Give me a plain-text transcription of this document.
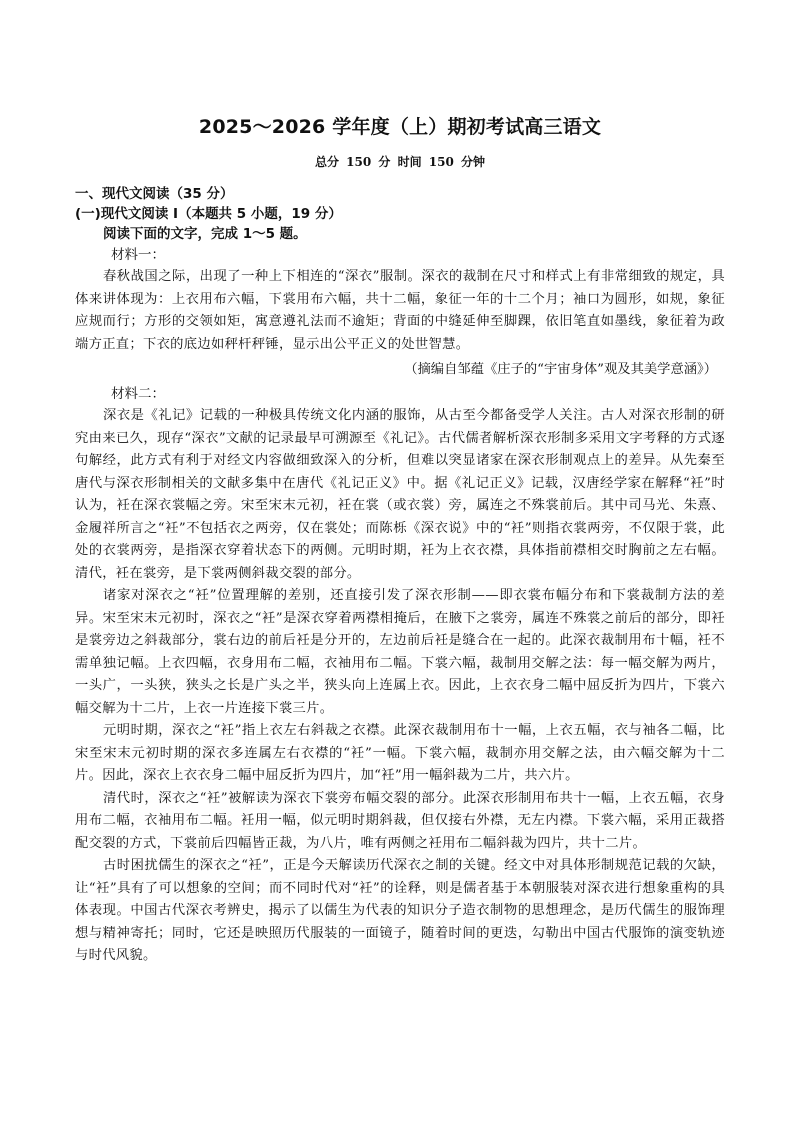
2025～2026 学年度（上）期初考试高三语文

总分 150 分 时间 150 分钟

一、现代文阅读（35 分）

(一)现代文阅读 I（本题共 5 小题，19 分）

阅读下面的文字，完成 1～5 题。

材料一：

春秋战国之际，出现了一种上下相连的“深衣”服制。深衣的裁制在尺寸和样式上有非常细致的规定，具体来讲体现为：上衣用布六幅，下裳用布六幅，共十二幅，象征一年的十二个月；袖口为圆形，如规，象征应规而行；方形的交领如矩，寓意遵礼法而不逾矩；背面的中缝延伸至脚踝，依旧笔直如墨线，象征着为政端方正直；下衣的底边如秤杆秤锤，显示出公平正义的处世智慧。

（摘编自邹蕴《庄子的“宇宙身体”观及其美学意涵》）

材料二：

深衣是《礼记》记载的一种极具传统文化内涵的服饰，从古至今都备受学人关注。古人对深衣形制的研究由来已久，现存“深衣”文献的记录最早可溯源至《礼记》。古代儒者解析深衣形制多采用文字考释的方式逐句解经，此方式有利于对经文内容做细致深入的分析，但难以突显诸家在深衣形制观点上的差异。从先秦至唐代与深衣形制相关的文献多集中在唐代《礼记正义》中。据《礼记正义》记载，汉唐经学家在解释“衽”时认为，衽在深衣裳幅之旁。宋至宋末元初，衽在裳（或衣裳）旁，属连之不殊裳前后。其中司马光、朱熹、金履祥所言之“衽”不包括衣之两旁，仅在裳处；而陈栎《深衣说》中的“衽”则指衣裳两旁，不仅限于裳，此处的衣裳两旁，是指深衣穿着状态下的两侧。元明时期，衽为上衣衣襟，具体指前襟相交时胸前之左右幅。清代，衽在裳旁，是下裳两侧斜裁交裂的部分。

诸家对深衣之“衽”位置理解的差别，还直接引发了深衣形制——即衣裳布幅分布和下裳裁制方法的差异。宋至宋末元初时，深衣之“衽”是深衣穿着两襟相掩后，在腋下之裳旁，属连不殊裳之前后的部分，即衽是裳旁边之斜裁部分，裳右边的前后衽是分开的，左边前后衽是缝合在一起的。此深衣裁制用布十幅，衽不需单独记幅。上衣四幅，衣身用布二幅，衣袖用布二幅。下裳六幅，裁制用交解之法：每一幅交解为两片，一头广，一头狭，狭头之长是广头之半，狭头向上连属上衣。因此，上衣衣身二幅中屈反折为四片，下裳六幅交解为十二片，上衣一片连接下裳三片。

元明时期，深衣之“衽”指上衣左右斜裁之衣襟。此深衣裁制用布十一幅，上衣五幅，衣与袖各二幅，比宋至宋末元初时期的深衣多连属左右衣襟的“衽”一幅。下裳六幅，裁制亦用交解之法，由六幅交解为十二片。因此，深衣上衣衣身二幅中屈反折为四片，加“衽”用一幅斜裁为二片，共六片。

清代时，深衣之“衽”被解读为深衣下裳旁布幅交裂的部分。此深衣形制用布共十一幅，上衣五幅，衣身用布二幅，衣袖用布二幅。衽用一幅，似元明时期斜裁，但仅接右外襟，无左内襟。下裳六幅，采用正裁搭配交裂的方式，下裳前后四幅皆正裁，为八片，唯有两侧之衽用布二幅斜裁为四片，共十二片。

古时困扰儒生的深衣之“衽”，正是今天解读历代深衣之制的关键。经文中对具体形制规范记载的欠缺，让“衽”具有了可以想象的空间；而不同时代对“衽”的诠释，则是儒者基于本朝服装对深衣进行想象重构的具体表现。中国古代深衣考辨史，揭示了以儒生为代表的知识分子造衣制物的思想理念，是历代儒生的服饰理想与精神寄托；同时，它还是映照历代服装的一面镜子，随着时间的更迭，勾勒出中国古代服饰的演变轨迹与时代风貌。
